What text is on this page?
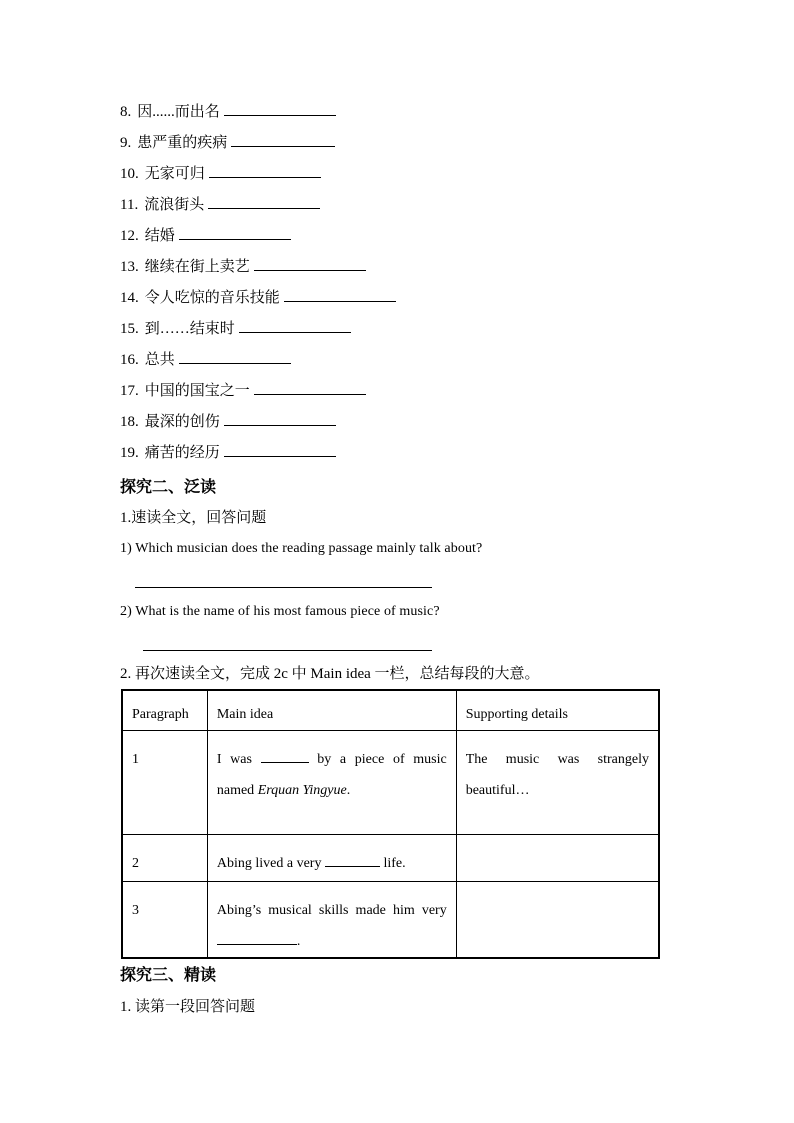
8. 因......而出名
9. 患严重的疾病
10. 无家可归
11. 流浪街头
12. 结婚
13. 继续在街上卖艺
14. 令人吃惊的音乐技能
15. 到……结束时
16. 总共
17. 中国的国宝之一
18. 最深的创伤
19. 痛苦的经历
探究二、泛读
1.速读全文，回答问题
1) Which musician does the reading passage mainly talk about?
2) What is the name of his most famous piece of music?
2. 再次速读全文，完成 2c 中 Main idea 一栏，总结每段的大意。
Paragraph	Main idea	Supporting details
1	I was by a piece of music named Erquan Yingyue.	The music was strangely beautiful…
2	Abing lived a very life.	
3	Abing’s musical skills made him very .	
探究三、精读
1. 读第一段回答问题
